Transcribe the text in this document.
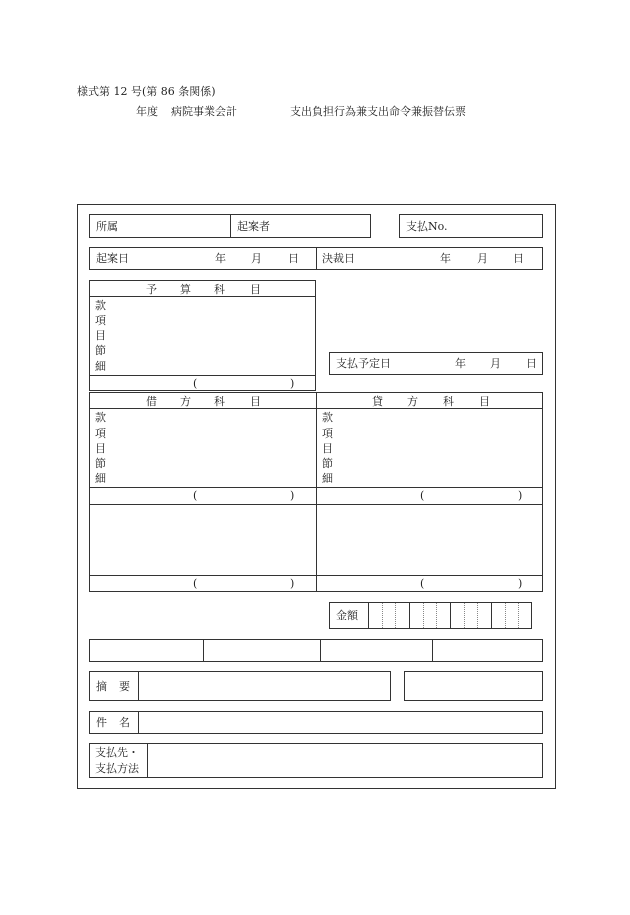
様式第 12 号(第 86 条関係)
年度 病院事業会計	支出負担行為兼支出命令兼振替伝票
所属	起案者	支払No.
起案日	年 月 日 決裁日	年 月 日
予 算 科 目
款
項
目
節
細
(	)
支払予定日	年 月 日
借 方 科 目
款
項
目
節
細
(	)
(	)
貸 方 科 目
款
項
目
節
細
(	)
(	)
金額
摘 要
件 名
支払先・
支払方法
